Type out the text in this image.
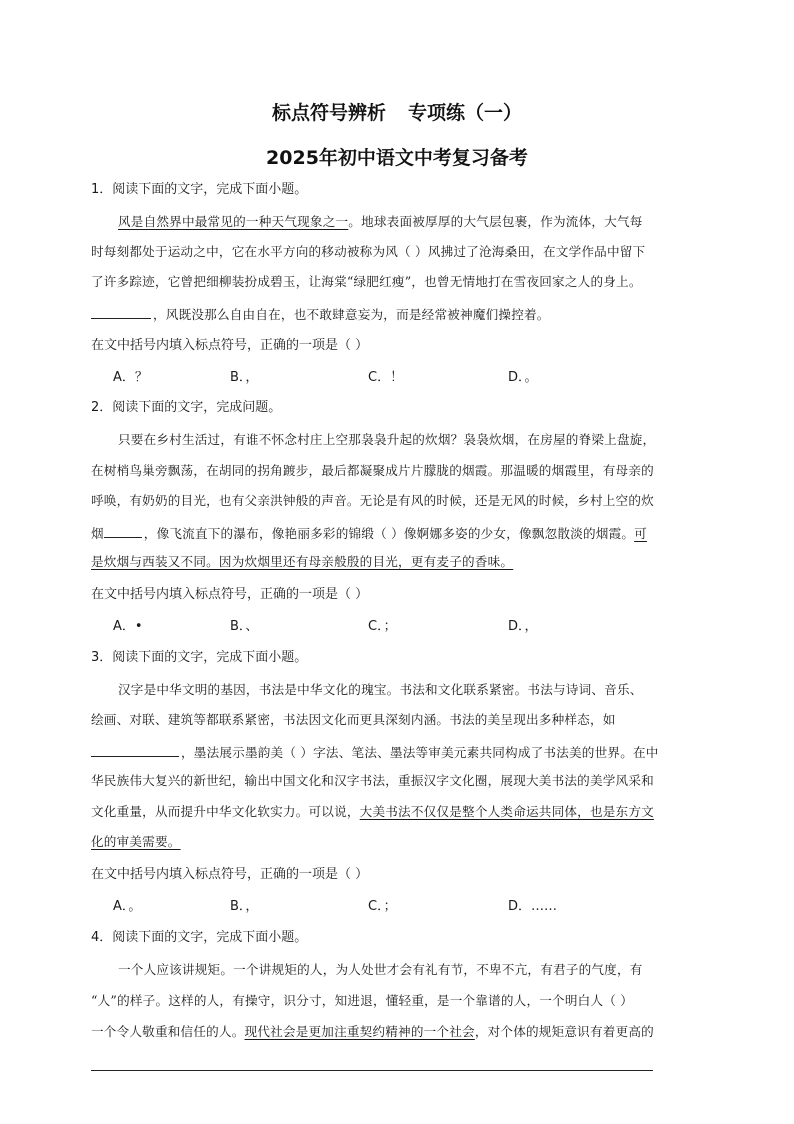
标点符号辨析 专项练（一）
2025年初中语文中考复习备考
1．阅读下面的文字，完成下面小题。
风是自然界中最常见的一种天气现象之一。地球表面被厚厚的大气层包裹，作为流体，大气每
时每刻都处于运动之中，它在水平方向的移动被称为风（ ）风拂过了沧海桑田，在文学作品中留下
了许多踪迹，它曾把细柳装扮成碧玉，让海棠“绿肥红瘦”，也曾无情地打在雪夜回家之人的身上。
，风既没那么自由自在，也不敢肆意妄为，而是经常被神魔们操控着。
在文中括号内填入标点符号，正确的一项是（ ）
A．？	B．，	C．！	D．。
2．阅读下面的文字，完成问题。
只要在乡村生活过，有谁不怀念村庄上空那袅袅升起的炊烟？袅袅炊烟，在房屋的脊梁上盘旋，
在树梢鸟巢旁飘荡，在胡同的拐角踱步，最后都凝聚成片片朦胧的烟霞。那温暖的烟霞里，有母亲的
呼唤，有奶奶的目光，也有父亲洪钟般的声音。无论是有风的时候，还是无风的时候，乡村上空的炊
烟	，像飞流直下的瀑布，像艳丽多彩的锦缎（ ）像婀娜多姿的少女，像飘忽散淡的烟霞。可
是炊烟与西装又不同。因为炊烟里还有母亲般殷的目光，更有麦子的香味。
在文中括号内填入标点符号，正确的一项是（ ）
A．•	B．、	C．；	D．，
3．阅读下面的文字，完成下面小题。
汉字是中华文明的基因，书法是中华文化的瑰宝。书法和文化联系紧密。书法与诗词、音乐、
绘画、对联、建筑等都联系紧密，书法因文化而更具深刻内涵。书法的美呈现出多种样态，如
，墨法展示墨韵美（ ）字法、笔法、墨法等审美元素共同构成了书法美的世界。在中
华民族伟大复兴的新世纪，输出中国文化和汉字书法，重振汉字文化圈，展现大美书法的美学风采和
文化重量，从而提升中华文化软实力。可以说，大美书法不仅仅是整个人类命运共同体，也是东方文
化的审美需要。
在文中括号内填入标点符号，正确的一项是（ ）
A．。	B．，	C．；	D．……
4．阅读下面的文字，完成下面小题。
一个人应该讲规矩。一个讲规矩的人，为人处世才会有礼有节，不卑不亢，有君子的气度，有
“人”的样子。这样的人，有操守，识分寸，知进退，懂轻重，是一个靠谱的人，一个明白人（ ）
一个令人敬重和信任的人。现代社会是更加注重契约精神的一个社会，对个体的规矩意识有着更高的
